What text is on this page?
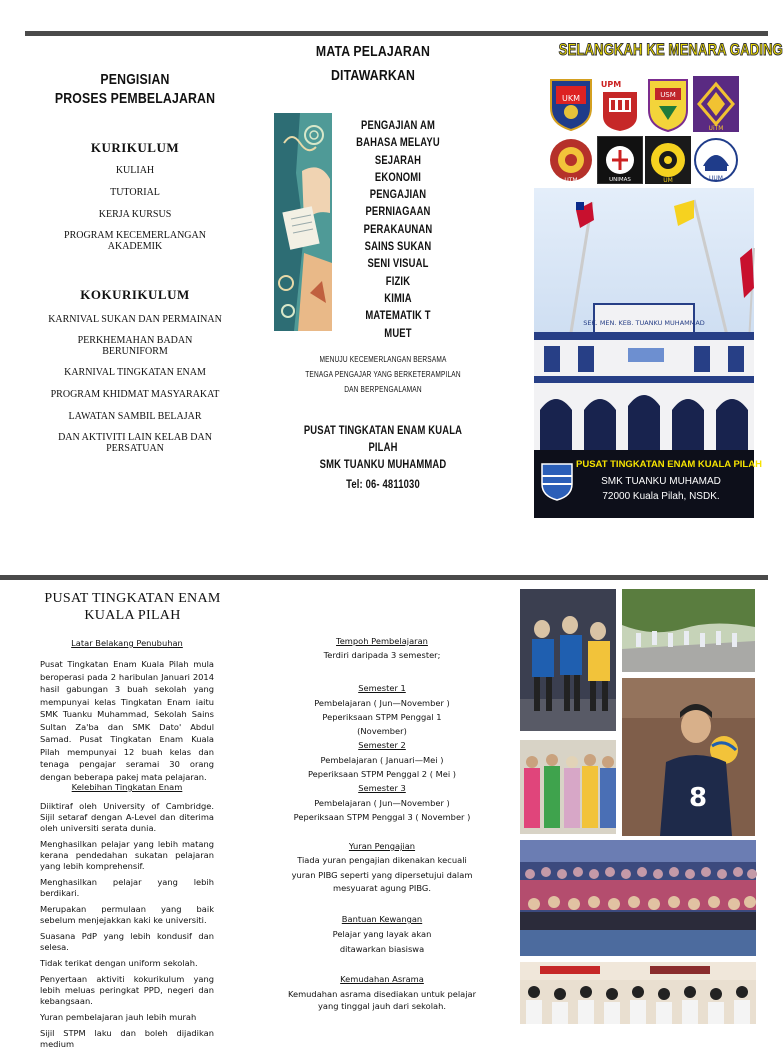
PENGISIAN
PROSES PEMBELAJARAN
KURIKULUM
KULIAH
TUTORIAL
KERJA KURSUS
PROGRAM KECEMERLANGAN AKADEMIK
KOKURIKULUM
KARNIVAL SUKAN DAN PERMAINAN
PERKHEMAHAN BADAN BERUNIFORM
KARNIVAL TINGKATAN ENAM
PROGRAM KHIDMAT MASYARAKAT
LAWATAN SAMBIL BELAJAR
DAN AKTIVITI LAIN KELAB DAN PERSATUAN
MATA PELAJARAN
DITAWARKAN
PENGAJIAN AM
BAHASA MELAYU
SEJARAH
EKONOMI
PENGAJIAN PERNIAGAAN
PERAKAUNAN
SAINS SUKAN
SENI VISUAL
FIZIK
KIMIA
MATEMATIK T
MUET
MENUJU KECEMERLANGAN BERSAMA
TENAGA PENGAJAR YANG BERKETERAMPILAN
DAN BERPENGALAMAN
PUSAT TINGKATAN ENAM KUALA PILAH
SMK TUANKU MUHAMMAD
Tel: 06- 4811030
SELANGKAH KE MENARA GADING
UKM
UPM
USM
UiTM
UTM	UNIMAS	UM	UUM
SEK. MEN. KEB. TUANKU MUHAMMAD
PUSAT TINGKATAN ENAM KUALA PILAH
SMK TUANKU MUHAMAD
72000 Kuala Pilah, NSDK.
PUSAT TINGKATAN ENAM
KUALA PILAH
Latar Belakang Penubuhan
Pusat Tingkatan Enam Kuala Pilah mula beroperasi pada 2 haribulan Januari 2014 hasil gabungan 3 buah sekolah yang mempunyai kelas Tingkatan Enam iaitu SMK Tuanku Muhammad, Sekolah Sains Sultan Za'ba dan SMK Dato' Abdul Samad. Pusat Tingkatan Enam Kuala Pilah mempunyai 12 buah kelas dan tenaga pengajar seramai 30 orang dengan beberapa pakej mata pelajaran.
Kelebihan Tingkatan Enam
Diiktiraf oleh University of Cambridge. Sijil setaraf dengan A-Level dan diterima oleh universiti serata dunia.
Menghasilkan pelajar yang lebih matang kerana pendedahan sukatan pelajaran yang lebih komprehensif.
Menghasilkan pelajar yang lebih berdikari.
Merupakan permulaan yang baik sebelum menjejakkan kaki ke universiti.
Suasana PdP yang lebih kondusif dan selesa.
Tidak terikat dengan uniform sekolah.
Penyertaan aktiviti kokurikulum yang lebih meluas peringkat PPD, negeri dan kebangsaan.
Yuran pembelajaran jauh lebih murah
Sijil STPM laku dan boleh dijadikan medium
Tempoh Pembelajaran
Terdiri daripada 3 semester;
Semester 1
Pembelajaran ( Jun—November )
Peperiksaan STPM Penggal 1
(November)
Semester 2
Pembelajaran ( Januari—Mei )
Peperiksaan STPM Penggal 2 ( Mei )
Semester 3
Pembelajaran ( Jun—November )
Peperiksaan STPM Penggal 3 ( November )
Yuran Pengajian
Tiada yuran pengajian dikenakan kecuali
yuran PIBG seperti yang dipersetujui dalam
mesyuarat agung PIBG.
Bantuan Kewangan
Pelajar yang layak akan
ditawarkan biasiswa
Kemudahan Asrama
Kemudahan asrama disediakan untuk pelajar
yang tinggal jauh dari sekolah.
8
